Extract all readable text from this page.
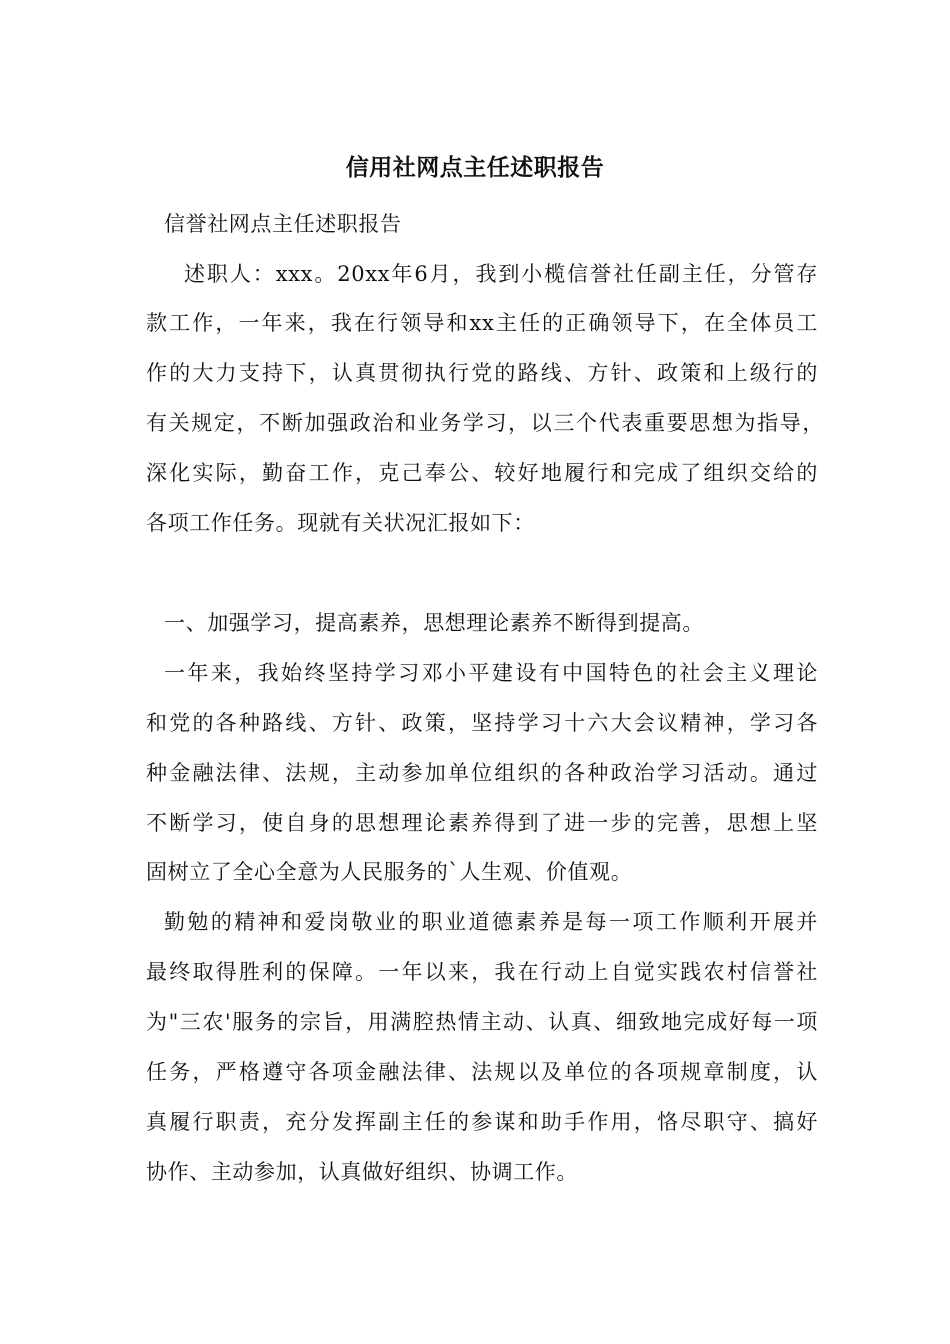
信用社网点主任述职报告
信誉社网点主任述职报告
述职人：xxx。20xx年6月，我到小榄信誉社任副主任，分管存
款工作，一年来，我在行领导和xx主任的正确领导下，在全体员工
作的大力支持下，认真贯彻执行党的路线、方针、政策和上级行的
有关规定，不断加强政治和业务学习，以三个代表重要思想为指导，
深化实际，勤奋工作，克己奉公、较好地履行和完成了组织交给的
各项工作任务。现就有关状况汇报如下：
一、加强学习，提高素养，思想理论素养不断得到提高。
一年来，我始终坚持学习邓小平建设有中国特色的社会主义理论
和党的各种路线、方针、政策，坚持学习十六大会议精神，学习各
种金融法律、法规，主动参加单位组织的各种政治学习活动。通过
不断学习，使自身的思想理论素养得到了进一步的完善，思想上坚
固树立了全心全意为人民服务的`人生观、价值观。
勤勉的精神和爱岗敬业的职业道德素养是每一项工作顺利开展并
最终取得胜利的保障。一年以来，我在行动上自觉实践农村信誉社
为"三农'服务的宗旨，用满腔热情主动、认真、细致地完成好每一项
任务，严格遵守各项金融法律、法规以及单位的各项规章制度，认
真履行职责，充分发挥副主任的参谋和助手作用，恪尽职守、搞好
协作、主动参加，认真做好组织、协调工作。
